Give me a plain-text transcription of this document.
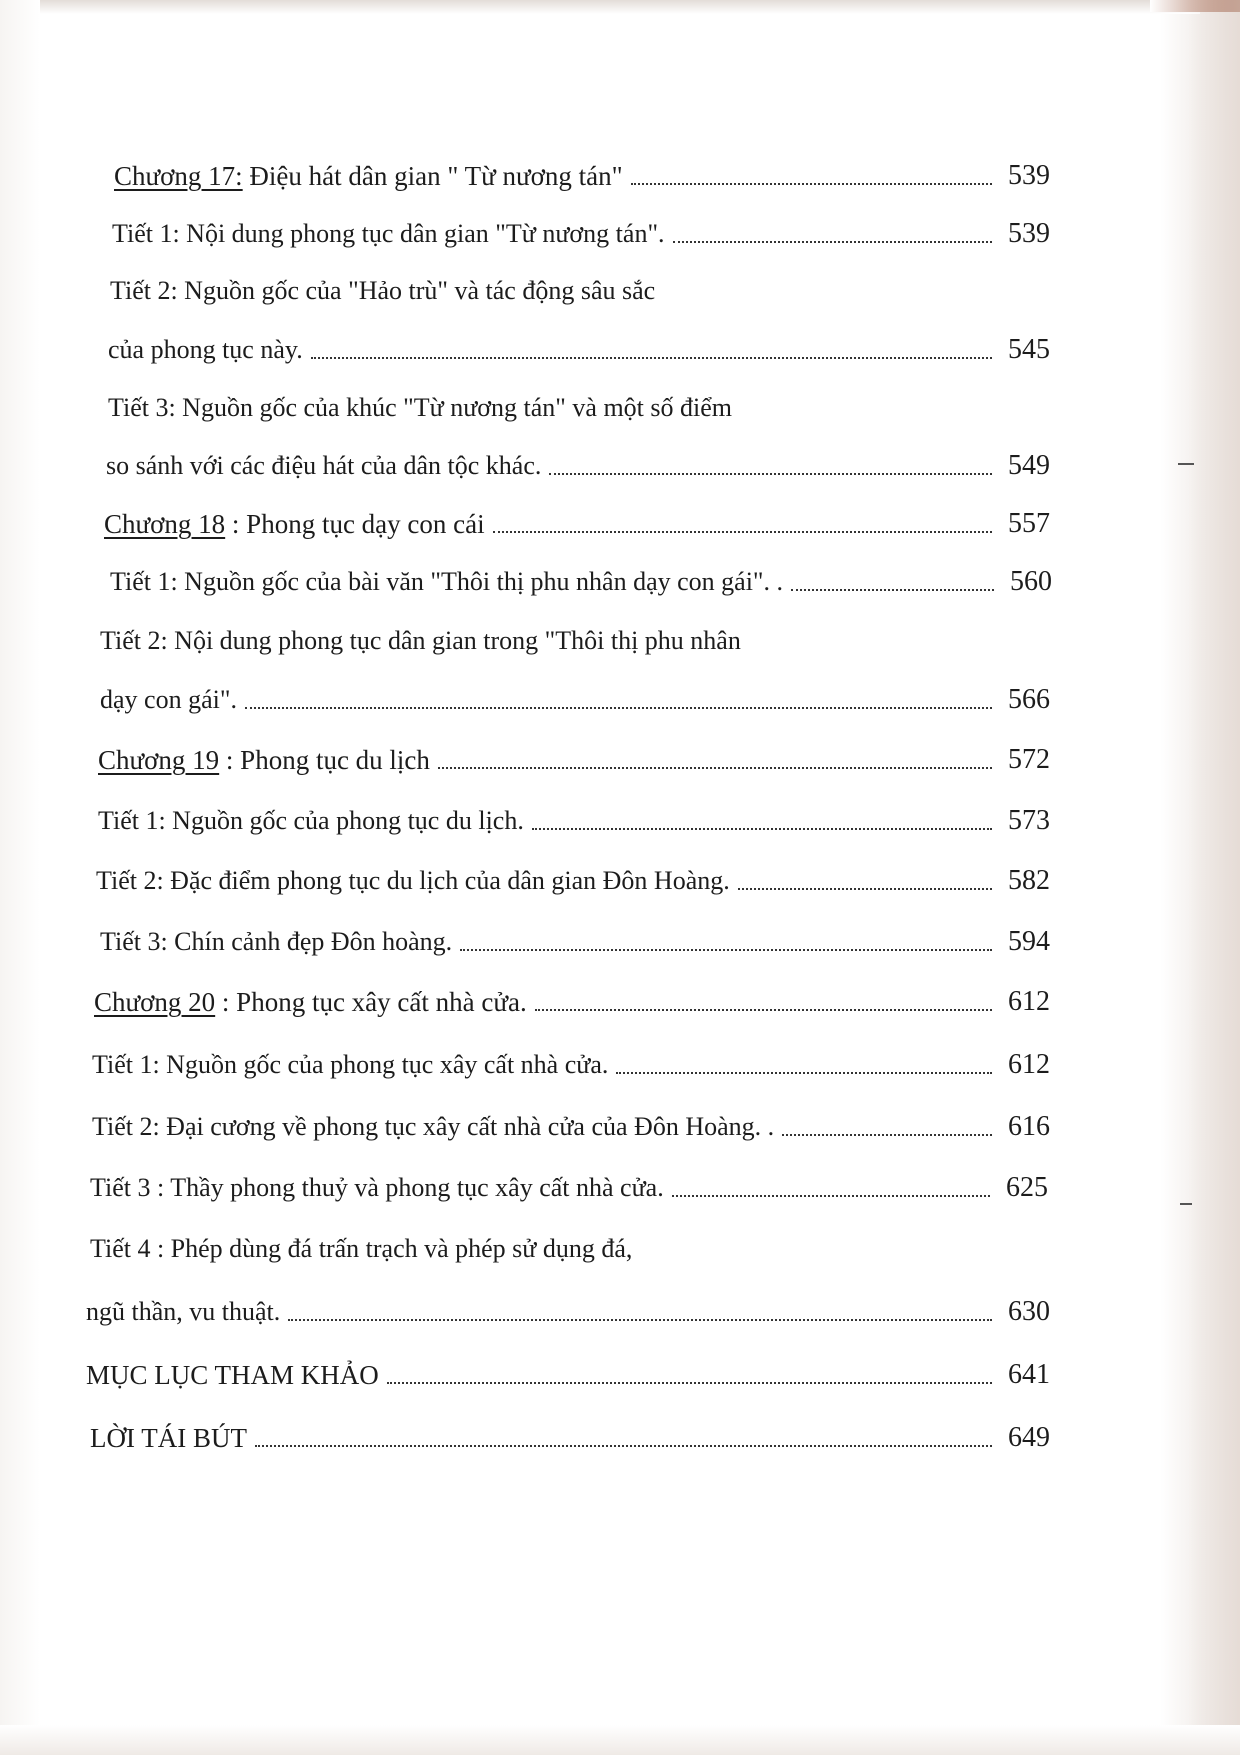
Chương 17: Điệu hát dân gian " Từ nương tán"	539
Tiết 1: Nội dung phong tục dân gian "Từ nương tán".	539
Tiết 2: Nguồn gốc của "Hảo trù" và tác động sâu sắc
của phong tục này.	545
Tiết 3: Nguồn gốc của khúc "Từ nương tán" và một số điểm
so sánh với các điệu hát của dân tộc khác.	549
Chương 18 : Phong tục dạy con cái	557
Tiết 1: Nguồn gốc của bài văn "Thôi thị phu nhân dạy con gái". .	560
Tiết 2: Nội dung phong tục dân gian trong "Thôi thị phu nhân
dạy con gái".	566
Chương 19 : Phong tục du lịch	572
Tiết 1: Nguồn gốc của phong tục du lịch.	573
Tiết 2: Đặc điểm phong tục du lịch của dân gian Đôn Hoàng.	582
Tiết 3: Chín cảnh đẹp Đôn hoàng.	594
Chương 20 : Phong tục xây cất nhà cửa.	612
Tiết 1: Nguồn gốc của phong tục xây cất nhà cửa.	612
Tiết 2: Đại cương về phong tục xây cất nhà cửa của Đôn Hoàng. .	616
Tiết 3 : Thầy phong thuỷ và phong tục xây cất nhà cửa.	625
Tiết 4 : Phép dùng đá trấn trạch và phép sử dụng đá,
ngũ thần, vu thuật.	630
MỤC LỤC THAM KHẢO	641
LỜI TÁI BÚT	649
